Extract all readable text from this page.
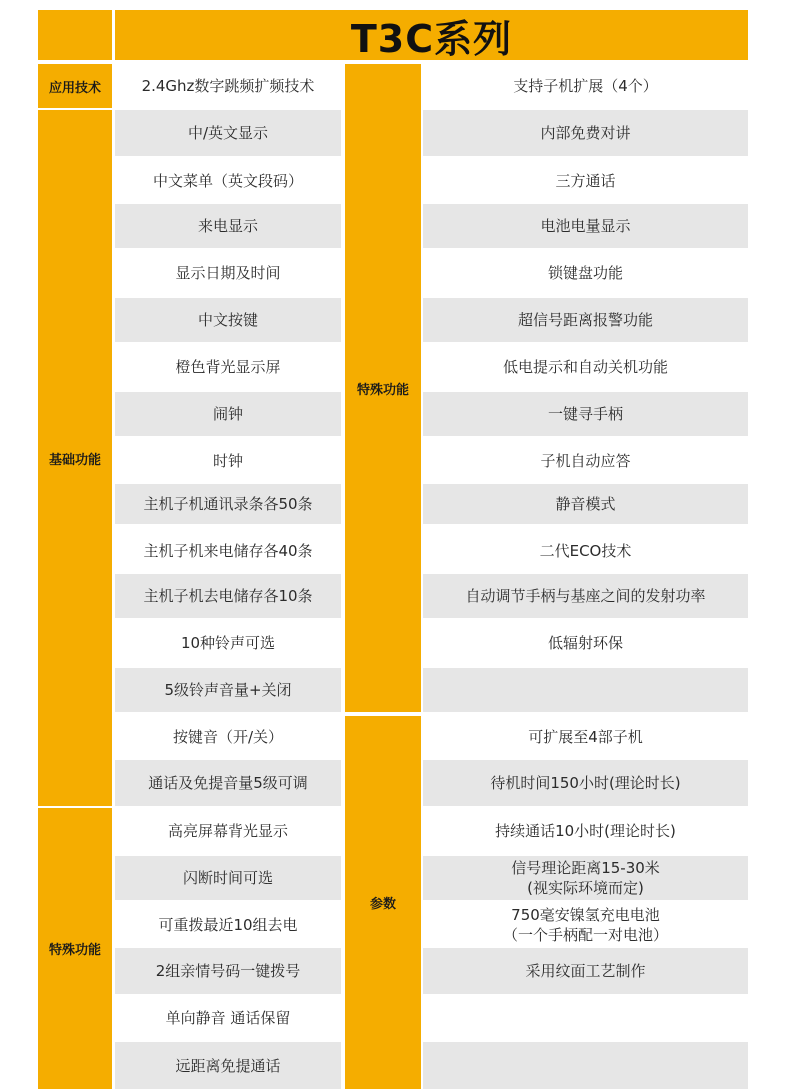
T3C系列
应用技术
基础功能
特殊功能
特殊功能
参数
2.4Ghz数字跳频扩频技术
中/英文显示
中文菜单（英文段码）
来电显示
显示日期及时间
中文按键
橙色背光显示屏
闹钟
时钟
主机子机通讯录条各50条
主机子机来电储存各40条
主机子机去电储存各10条
10种铃声可选
5级铃声音量+关闭
按键音（开/关）
通话及免提音量5级可调
高亮屏幕背光显示
闪断时间可选
可重拨最近10组去电
2组亲情号码一键拨号
单向静音 通话保留
远距离免提通话
支持子机扩展（4个）
内部免费对讲
三方通话
电池电量显示
锁键盘功能
超信号距离报警功能
低电提示和自动关机功能
一键寻手柄
子机自动应答
静音模式
二代ECO技术
自动调节手柄与基座之间的发射功率
低辐射环保
可扩展至4部子机
待机时间150小时(理论时长)
持续通话10小时(理论时长)
信号理论距离15-30米
(视实际环境而定)
750毫安镍氢充电电池
（一个手柄配一对电池）
采用纹面工艺制作
